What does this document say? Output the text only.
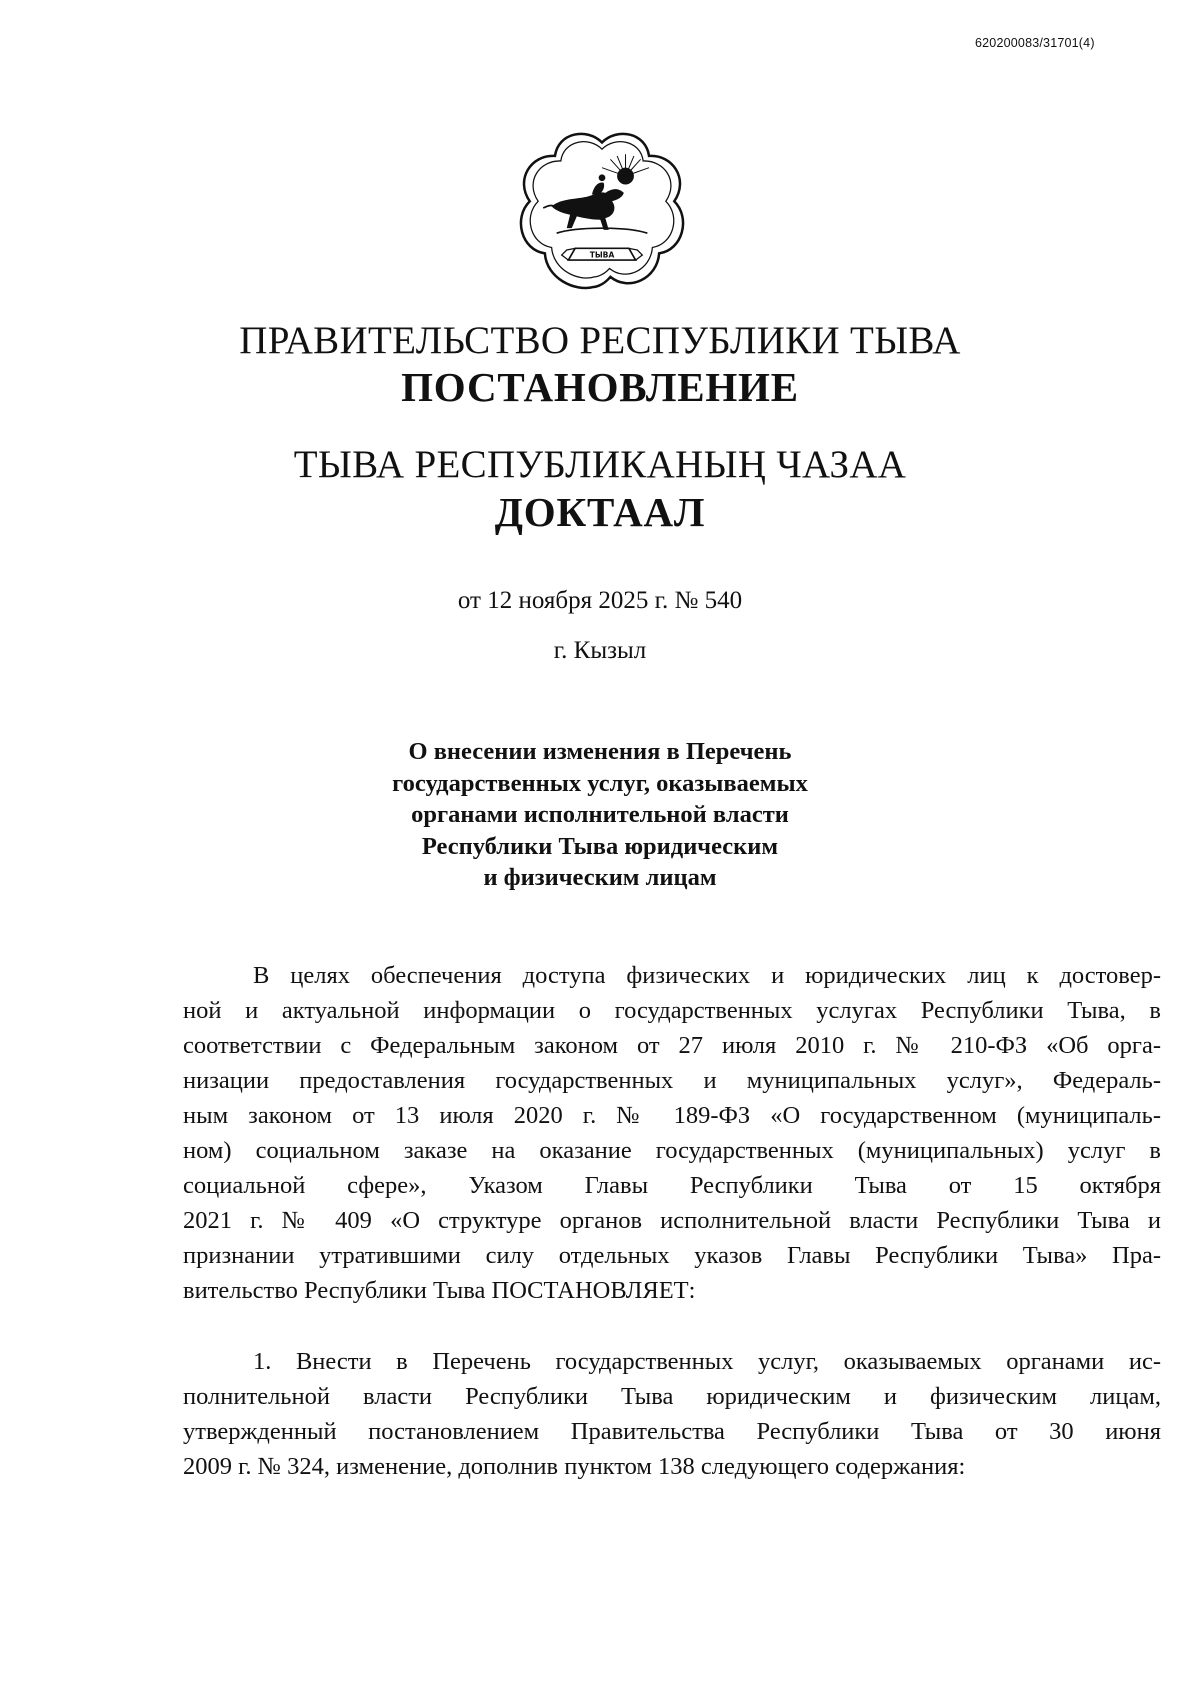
620200083/31701(4)
ТЫВА
ПРАВИТЕЛЬСТВО РЕСПУБЛИКИ ТЫВА
ПОСТАНОВЛЕНИЕ
ТЫВА РЕСПУБЛИКАНЫҢ ЧАЗАА
ДОКТААЛ
от 12 ноября 2025 г. № 540
г. Кызыл
О внесении изменения в Перечень
государственных услуг, оказываемых
органами исполнительной власти
Республики Тыва юридическим
и физическим лицам
В целях обеспечения доступа физических и юридических лиц к достовер-
ной и актуальной информации о государственных услугах Республики Тыва, в
соответствии с Федеральным законом от 27 июля 2010 г. № 210-ФЗ «Об орга-
низации предоставления государственных и муниципальных услуг», Федераль-
ным законом от 13 июля 2020 г. № 189-ФЗ «О государственном (муниципаль-
ном) социальном заказе на оказание государственных (муниципальных) услуг в
социальной сфере», Указом Главы Республики Тыва от 15 октября
2021 г. № 409 «О структуре органов исполнительной власти Республики Тыва и
признании утратившими силу отдельных указов Главы Республики Тыва» Пра-
вительство Республики Тыва ПОСТАНОВЛЯЕТ:
1. Внести в Перечень государственных услуг, оказываемых органами ис-
полнительной власти Республики Тыва юридическим и физическим лицам,
утвержденный постановлением Правительства Республики Тыва от 30 июня
2009 г. № 324, изменение, дополнив пунктом 138 следующего содержания:
